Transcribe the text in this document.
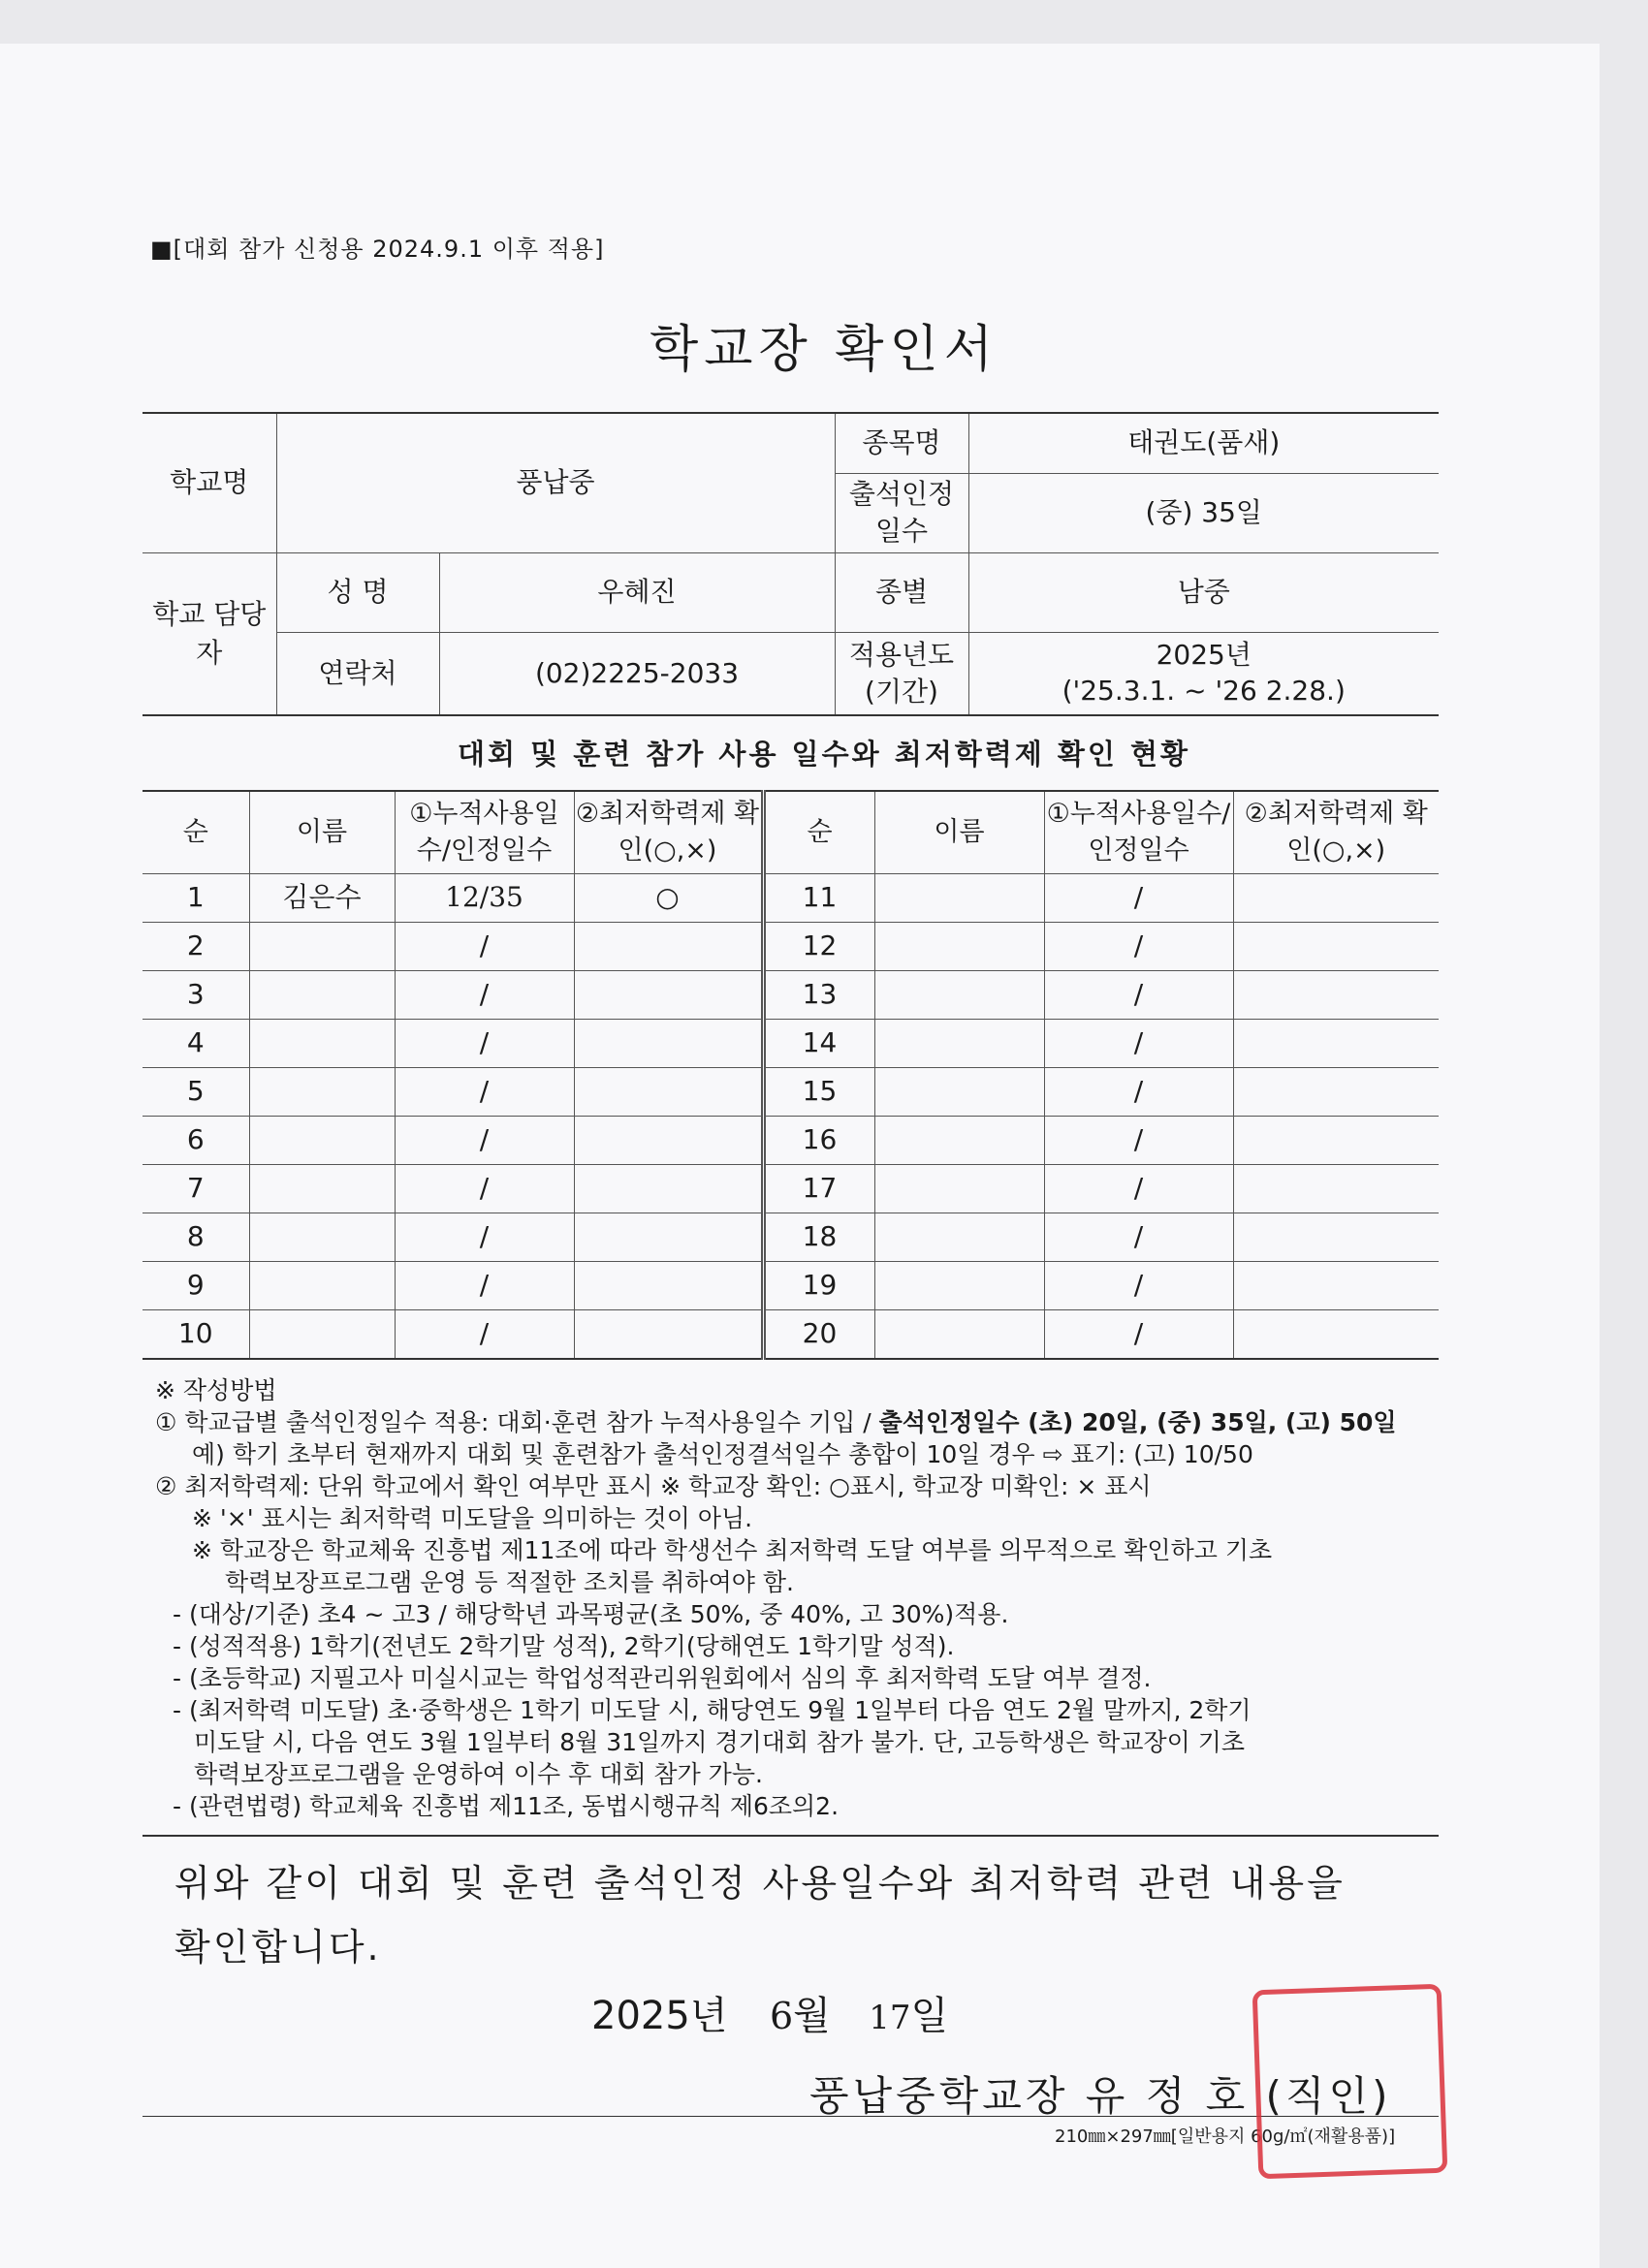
■[대회 참가 신청용 2024.9.1 이후 적용]
학교장 확인서
학교명	풍납중		종목명	태권도(품새)
			출석인정 일수	(중) 35일
학교 담당자	성 명	우혜진	종별	남중
	연락처	(02)2225-2033	적용년도 (기간)	2025년
('25.3.1. ~ '26 2.28.)
대회 및 훈련 참가 사용 일수와 최저학력제 확인 현황
순	이름	①누적사용일수/인정일수	②최저학력제 확인(○,×)	순	이름	①누적사용일수/인정일수	②최저학력제 확인(○,×)
1	김은수	12/35	○	11		/	
2		/		12		/	
3		/		13		/	
4		/		14		/	
5		/		15		/	
6		/		16		/	
7		/		17		/	
8		/		18		/	
9		/		19		/	
10		/		20		/	
※ 작성방법
① 학교급별 출석인정일수 적용: 대회·훈련 참가 누적사용일수 기입 / 출석인정일수 (초) 20일, (중) 35일, (고) 50일
예) 학기 초부터 현재까지 대회 및 훈련참가 출석인정결석일수 총합이 10일 경우 ⇨ 표기: (고) 10/50
② 최저학력제: 단위 학교에서 확인 여부만 표시 ※ 학교장 확인: ○표시, 학교장 미확인: × 표시
※ '×' 표시는 최저학력 미도달을 의미하는 것이 아님.
※ 학교장은 학교체육 진흥법 제11조에 따라 학생선수 최저학력 도달 여부를 의무적으로 확인하고 기초
학력보장프로그램 운영 등 적절한 조치를 취하여야 함.
- (대상/기준) 초4 ~ 고3 / 해당학년 과목평균(초 50%, 중 40%, 고 30%)적용.
- (성적적용) 1학기(전년도 2학기말 성적), 2학기(당해연도 1학기말 성적).
- (초등학교) 지필고사 미실시교는 학업성적관리위원회에서 심의 후 최저학력 도달 여부 결정.
- (최저학력 미도달) 초·중학생은 1학기 미도달 시, 해당연도 9월 1일부터 다음 연도 2월 말까지, 2학기
미도달 시, 다음 연도 3월 1일부터 8월 31일까지 경기대회 참가 불가. 단, 고등학생은 학교장이 기초
학력보장프로그램을 운영하여 이수 후 대회 참가 가능.
- (관련법령) 학교체육 진흥법 제11조, 동법시행규칙 제6조의2.
위와 같이 대회 및 훈련 출석인정 사용일수와 최저학력 관련 내용을
확인합니다.
2025년 6월 17일
풍납중학교장 유 정 호 (직인)
210㎜×297㎜[일반용지 60g/㎡(재활용품)]
